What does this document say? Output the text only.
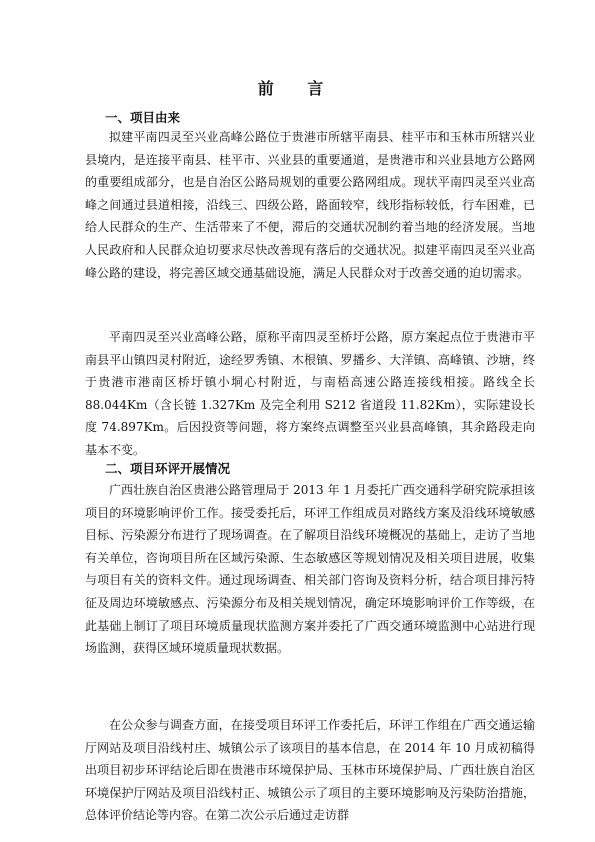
前 言
一、项目由来
拟建平南四灵至兴业高峰公路位于贵港市所辖平南县、桂平市和玉林市所辖兴业县境内，是连接平南县、桂平市、兴业县的重要通道，是贵港市和兴业县地方公路网的重要组成部分，也是自治区公路局规划的重要公路网组成。现状平南四灵至兴业高峰之间通过县道相接，沿线三、四级公路，路面较窄，线形指标较低，行车困难，已给人民群众的生产、生活带来了不便，滞后的交通状况制约着当地的经济发展。当地人民政府和人民群众迫切要求尽快改善现有落后的交通状况。拟建平南四灵至兴业高峰公路的建设，将完善区域交通基础设施，满足人民群众对于改善交通的迫切需求。
平南四灵至兴业高峰公路，原称平南四灵至桥圩公路，原方案起点位于贵港市平南县平山镇四灵村附近，途经罗秀镇、木根镇、罗播乡、大洋镇、高峰镇、沙塘，终于贵港市港南区桥圩镇小垌心村附近，与南梧高速公路连接线相接。路线全长 88.044Km（含长链 1.327Km 及完全利用 S212 省道段 11.82Km），实际建设长度 74.897Km。后因投资等问题，将方案终点调整至兴业县高峰镇，其余路段走向基本不变。
二、项目环评开展情况
广西壮族自治区贵港公路管理局于 2013 年 1 月委托广西交通科学研究院承担该项目的环境影响评价工作。接受委托后，环评工作组成员对路线方案及沿线环境敏感目标、污染源分布进行了现场调查。在了解项目沿线环境概况的基础上，走访了当地有关单位，咨询项目所在区域污染源、生态敏感区等规划情况及相关项目进展，收集与项目有关的资料文件。通过现场调查、相关部门咨询及资料分析，结合项目排污特征及周边环境敏感点、污染源分布及相关规划情况，确定环境影响评价工作等级，在此基础上制订了项目环境质量现状监测方案并委托了广西交通环境监测中心站进行现场监测，获得区域环境质量现状数据。
在公众参与调查方面，在接受项目环评工作委托后，环评工作组在广西交通运输厅网站及项目沿线村庄、城镇公示了该项目的基本信息，在 2014 年 10 月成初稿得出项目初步环评结论后即在贵港市环境保护局、玉林市环境保护局、广西壮族自治区环境保护厅网站及项目沿线村正、城镇公示了项目的主要环境影响及污染防治措施，总体评价结论等内容。在第二次公示后通过走访群
